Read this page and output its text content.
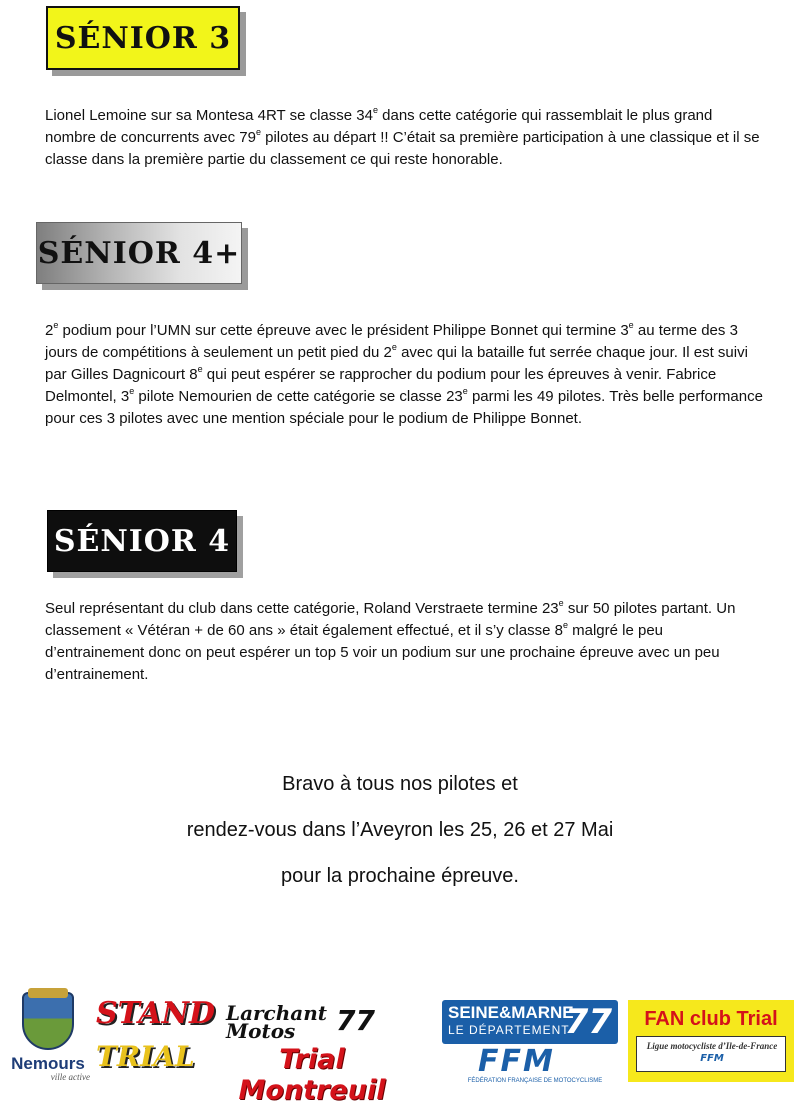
SÉNIOR 3
Lionel Lemoine sur sa Montesa 4RT se classe 34e dans cette catégorie qui rassemblait le plus grand nombre de concurrents avec 79e pilotes au départ !! C’était sa première participation à une classique et il se classe dans la première partie du classement ce qui reste honorable.
SÉNIOR 4+
$2^e$ podium pour l’UMN sur cette épreuve avec le président Philippe Bonnet qui termine 3e au terme des 3 jours de compétitions à seulement un petit pied du 2e avec qui la bataille fut serrée chaque jour. Il est suivi par Gilles Dagnicourt 8e qui peut espérer se rapprocher du podium pour les épreuves à venir. Fabrice Delmontel, 3e pilote Nemourien de cette catégorie se classe 23e parmi les 49 pilotes. Très belle performance pour ces 3 pilotes avec une mention spéciale pour le podium de Philippe Bonnet.
SÉNIOR 4
Seul représentant du club dans cette catégorie, Roland Verstraete termine 23e sur 50 pilotes partant. Un classement « Vétéran + de 60 ans » était également effectué, et il s’y classe 8e malgré le peu d’entrainement donc on peut espérer un top 5 voir un podium sur une prochaine épreuve avec un peu d’entrainement.
Bravo à tous nos pilotes et
rendez-vous dans l’Aveyron les 25, 26 et 27 Mai
pour la prochaine épreuve.
Nemours
ville active
STAND
TRIAL
Larchant Motos	77
Trial Montreuil
SEINE&MARNE
LE DÉPARTEMENT
77
FFM
FÉDÉRATION FRANÇAISE DE MOTOCYCLISME
FAN club Trial
Ligue motocycliste d’Ile-de-France
FFM
